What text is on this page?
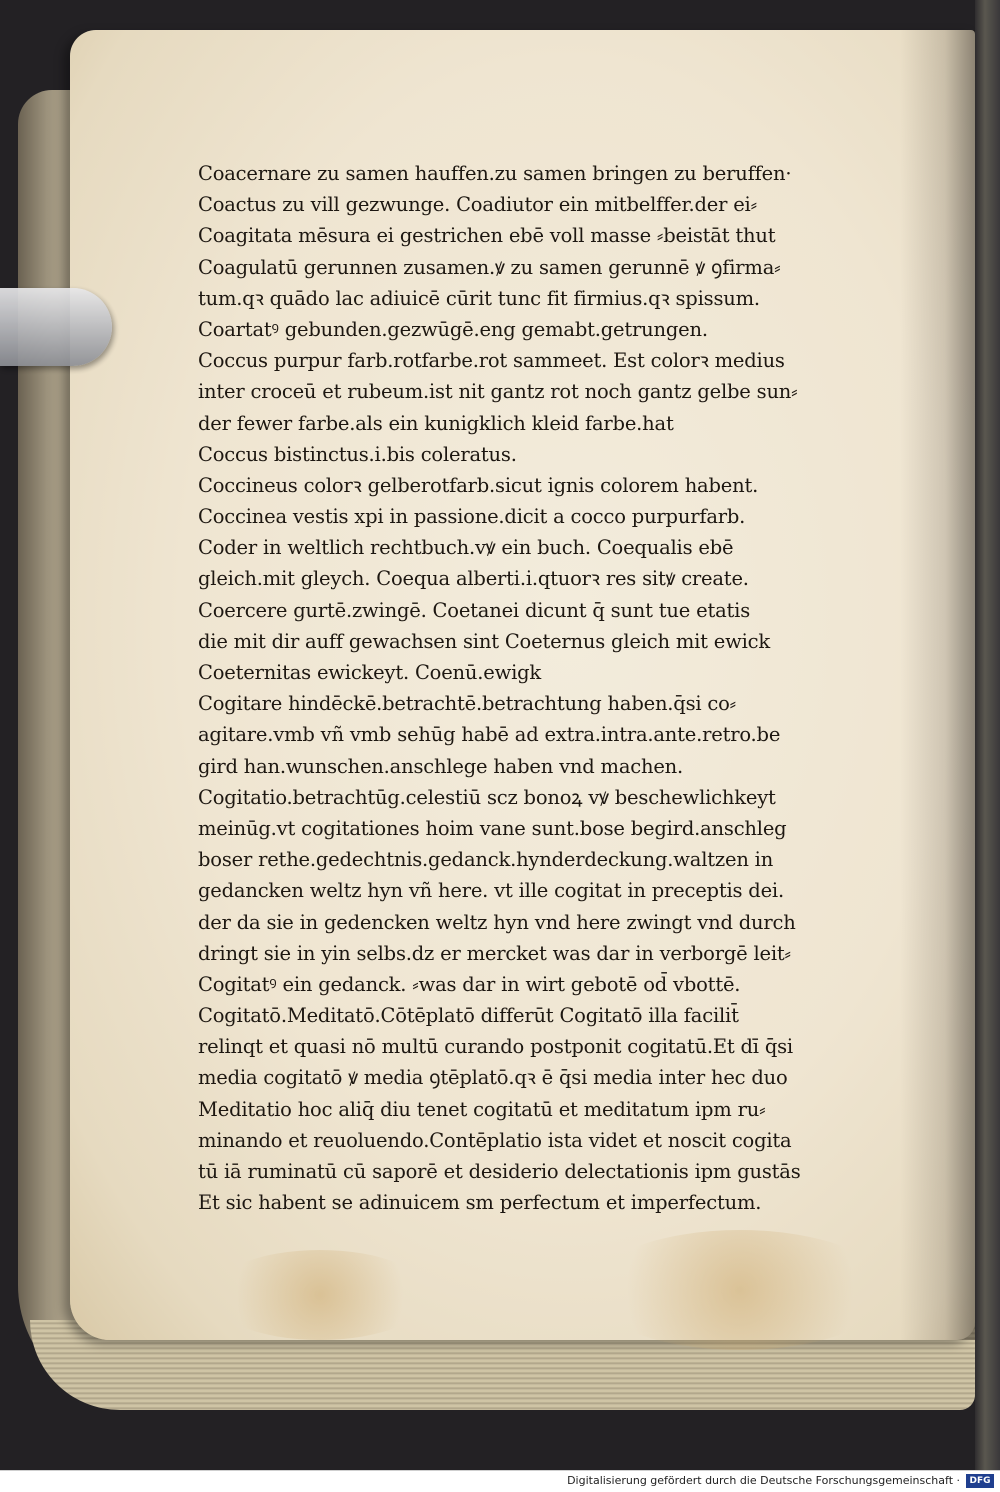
Coacernare zu samen hauffen.zu samen bringen zu beruffen·
Coactus zu vill gezwunge. Coadiutor ein mitbelffer.der ei⸗
Coagitata mēsura ei gestrichen ebē voll masse ⸗beistāt thut
Coagulatū gerunnen zusamen.ꝟ zu samen gerunnē ꝟ ꝯfirma⸗
tum.qꝛ quādo lac adiuicē cūrit tunc fit firmius.qꝛ spissum.
Coartatꝰ gebunden.gezwūgē.eng gemabt.getrungen.
Coccus purpur farb.rotfarbe.rot sammeet. Est colorꝛ medius
inter croceū et rubeum.ist nit gantz rot noch gantz gelbe sun⸗
der fewer farbe.als ein kunigklich kleid farbe.hat
Coccus bistinctus.i.bis coleratus.
Coccineus colorꝛ gelberotfarb.sicut ignis colorem habent.
Coccinea vestis xpi in passione.dicit a cocco purpurfarb.
Coder in weltlich rechtbuch.vꝟ ein buch. Coequalis ebē
gleich.mit gleych. Coequa alberti.i.qtuorꝛ res sitꝟ create.
Coercere gurtē.zwingē. Coetanei dicunt q̄ sunt tue etatis
die mit dir auff gewachsen sint Coeternus gleich mit ewick
Coeternitas ewickeyt. Coenū.ewigk
Cogitare hindēckē.betrachtē.betrachtung haben.q̄si co⸗
agitare.vmb vñ vmb sehūg habē ad extra.intra.ante.retro.be
gird han.wunschen.anschlege haben vnd machen.
Cogitatio.betrachtūg.celestiū scz bonoꝝ vꝟ beschewlichkeyt
meinūg.vt cogitationes hoim vane sunt.bose begird.anschleg
boser rethe.gedechtnis.gedanck.hynderdeckung.waltzen in
gedancken weltz hyn vñ here. vt ille cogitat in preceptis dei.
der da sie in gedencken weltz hyn vnd here zwingt vnd durch
dringt sie in yin selbs.dz er mercket was dar in verborgē leit⸗
Cogitatꝰ ein gedanck. ⸗was dar in wirt gebotē od̄ vbottē.
Cogitatō.Meditatō.Cōtēplatō differūt Cogitatō illa facilit̄
relinqt et quasi nō multū curando postponit cogitatū.Et dī q̄si
media cogitatō ꝟ media ꝯtēplatō.qꝛ ē q̄si media inter hec duo
Meditatio hoc aliq̄ diu tenet cogitatū et meditatum ipm ru⸗
minando et reuoluendo.Contēplatio ista videt et noscit cogita
tū iā ruminatū cū saporē et desiderio delectationis ipm gustās
Et sic habent se adinuicem sm perfectum et imperfectum.
Digitalisierung gefördert durch die Deutsche Forschungsgemeinschaft ·	DFG
